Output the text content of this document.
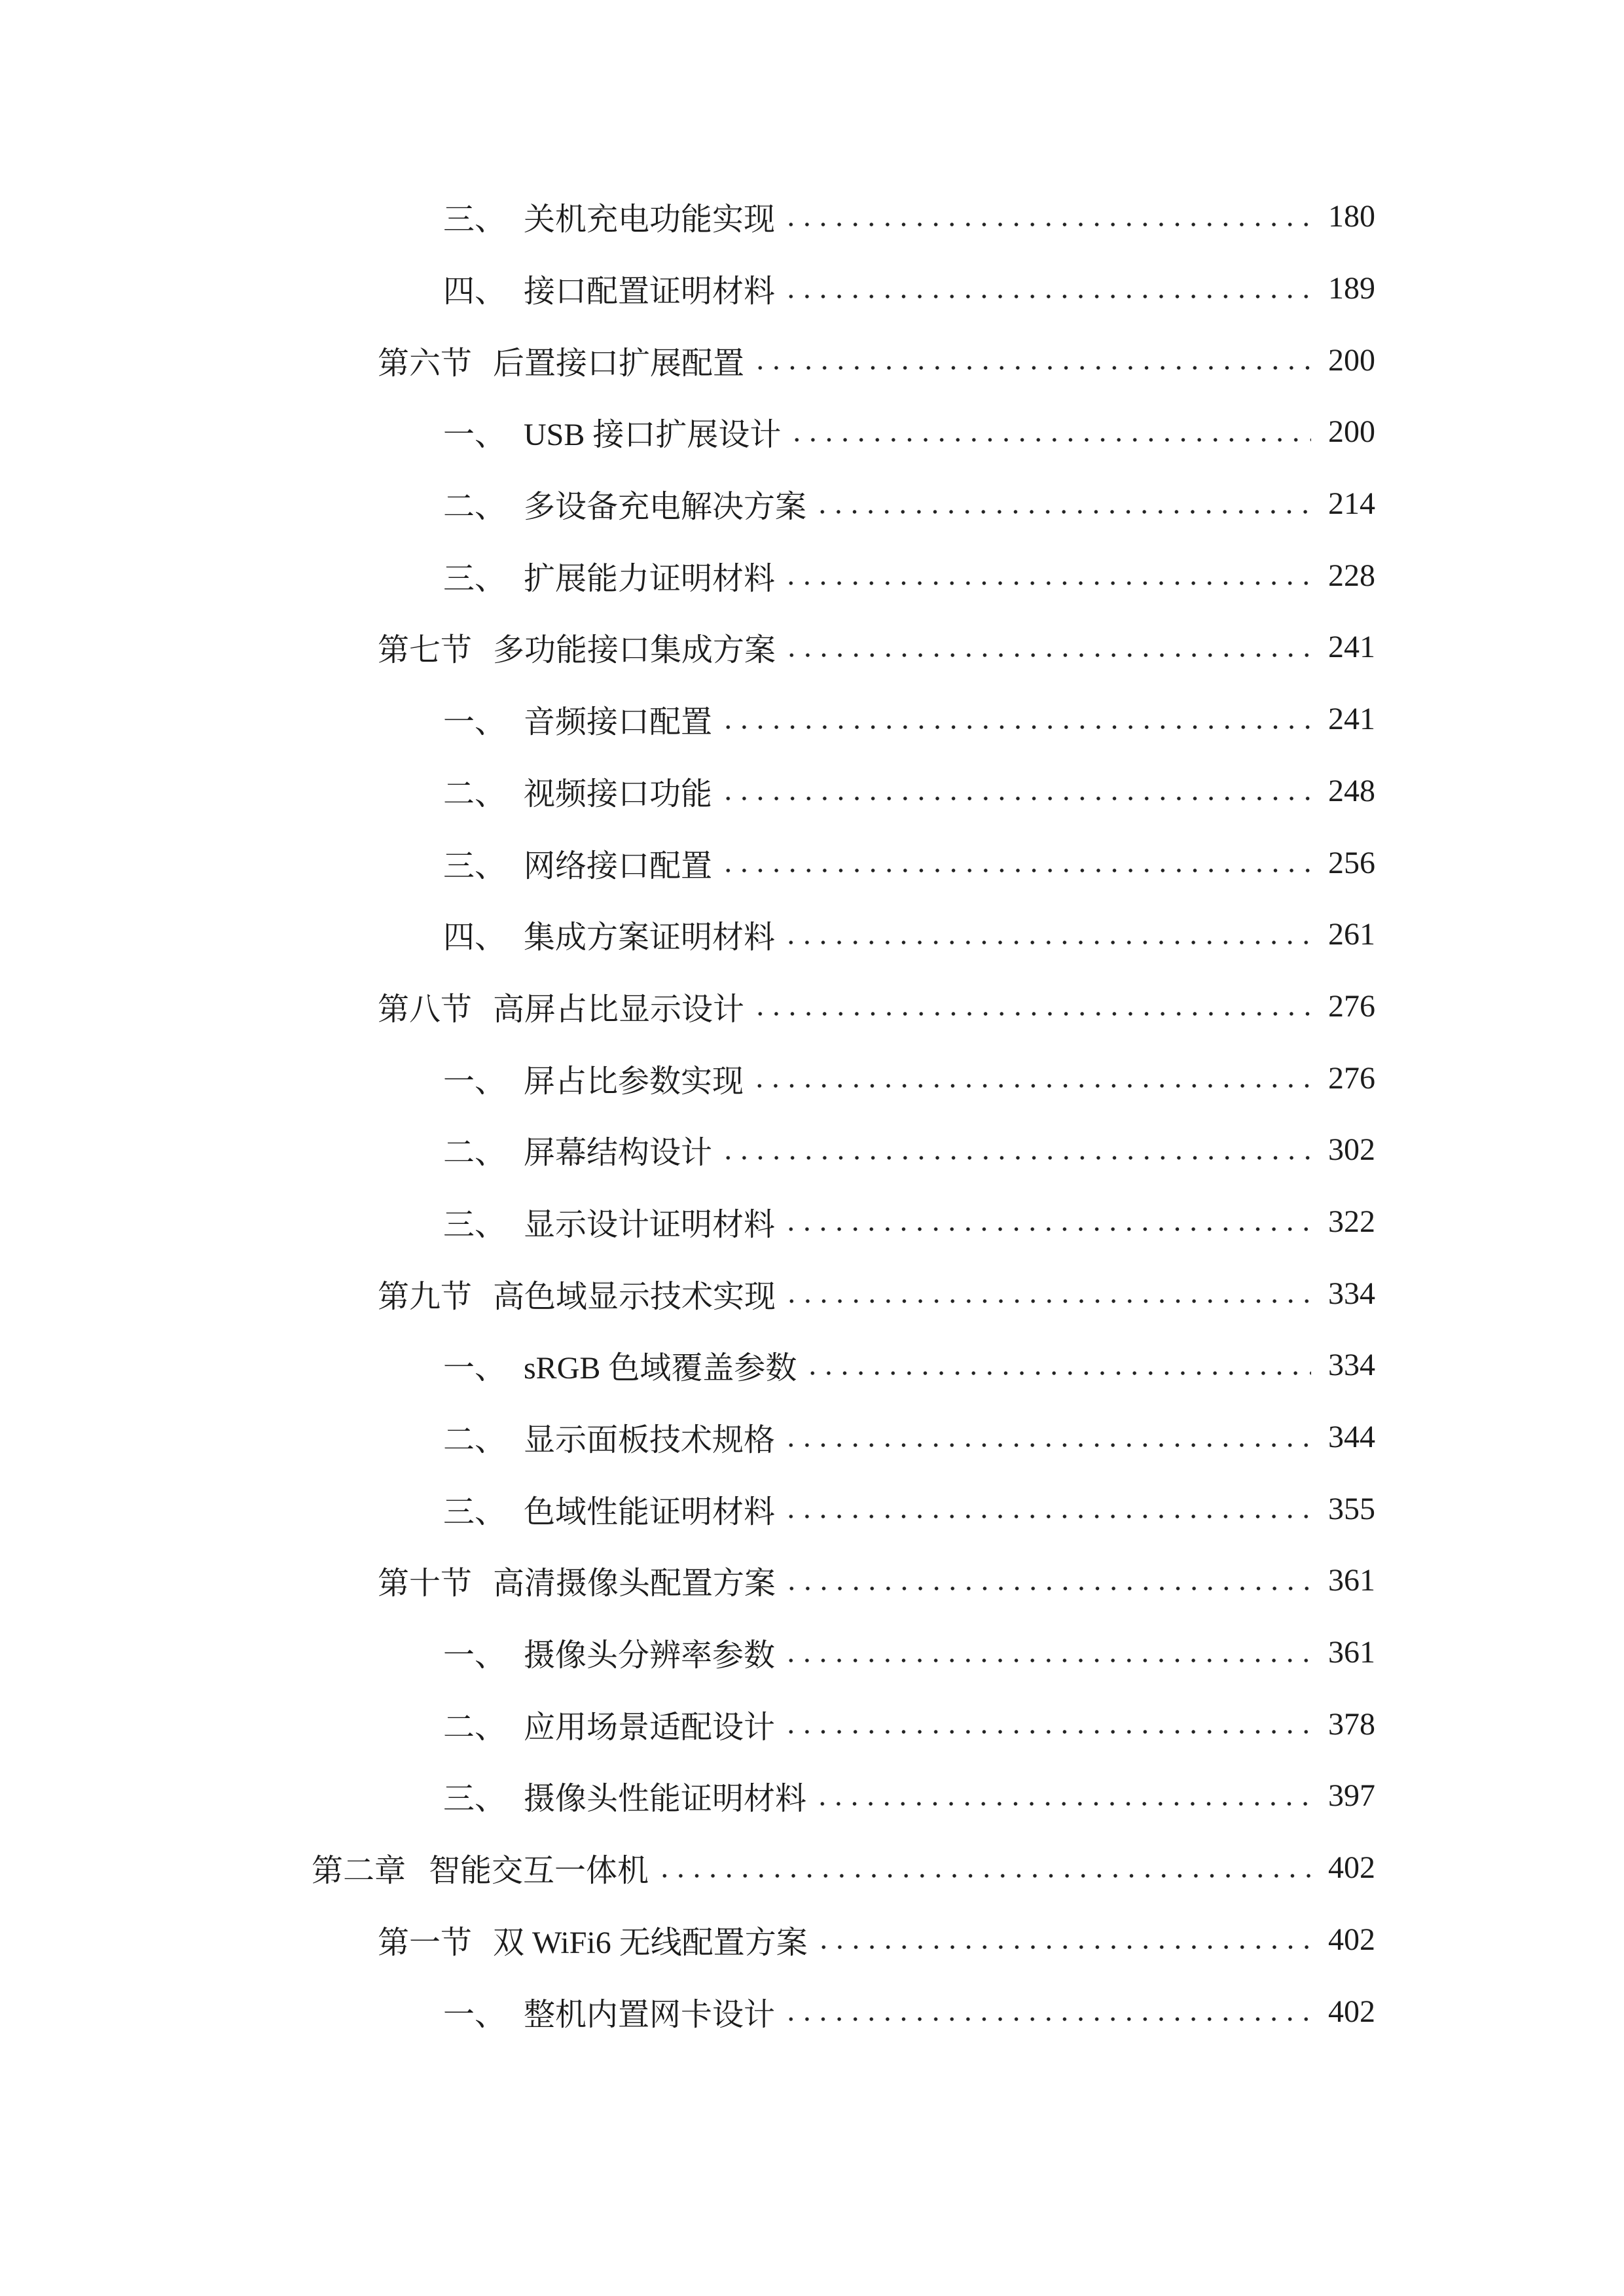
三、 关机充电功能实现	180
四、 接口配置证明材料	189
第六节 后置接口扩展配置	200
一、 USB 接口扩展设计	200
二、 多设备充电解决方案	214
三、 扩展能力证明材料	228
第七节 多功能接口集成方案	241
一、 音频接口配置	241
二、 视频接口功能	248
三、 网络接口配置	256
四、 集成方案证明材料	261
第八节 高屏占比显示设计	276
一、 屏占比参数实现	276
二、 屏幕结构设计	302
三、 显示设计证明材料	322
第九节 高色域显示技术实现	334
一、 sRGB 色域覆盖参数	334
二、 显示面板技术规格	344
三、 色域性能证明材料	355
第十节 高清摄像头配置方案	361
一、 摄像头分辨率参数	361
二、 应用场景适配设计	378
三、 摄像头性能证明材料	397
第二章 智能交互一体机	402
第一节 双 WiFi6 无线配置方案	402
一、 整机内置网卡设计	402
